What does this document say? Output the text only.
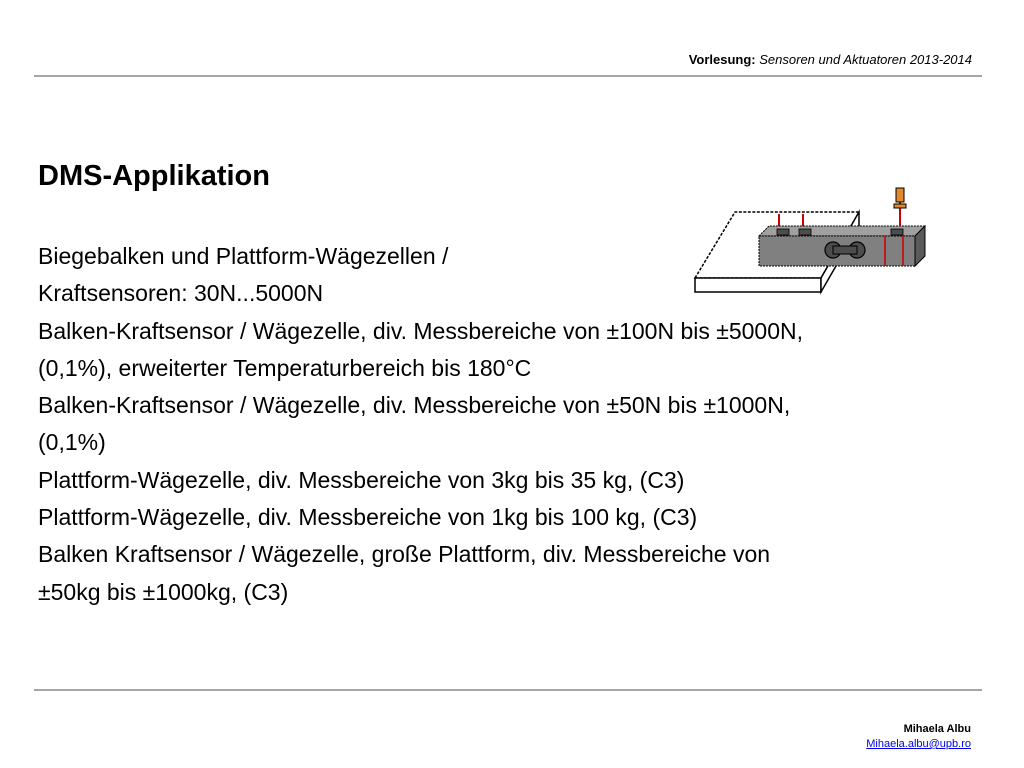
Vorlesung: Sensoren und Aktuatoren 2013-2014
DMS-Applikation
Biegebalken und Plattform-Wägezellen /
Kraftsensoren: 30N...5000N
Balken-Kraftsensor / Wägezelle, div. Messbereiche von ±100N bis ±5000N,
(0,1%), erweiterter Temperaturbereich bis 180°C
Balken-Kraftsensor / Wägezelle, div. Messbereiche von ±50N bis ±1000N,
(0,1%)
Plattform-Wägezelle, div. Messbereiche von 3kg bis 35 kg, (C3)
Plattform-Wägezelle, div. Messbereiche von 1kg bis 100 kg, (C3)
Balken Kraftsensor / Wägezelle, große Plattform, div. Messbereiche von
±50kg bis ±1000kg, (C3)
Mihaela Albu
Mihaela.albu@upb.ro
